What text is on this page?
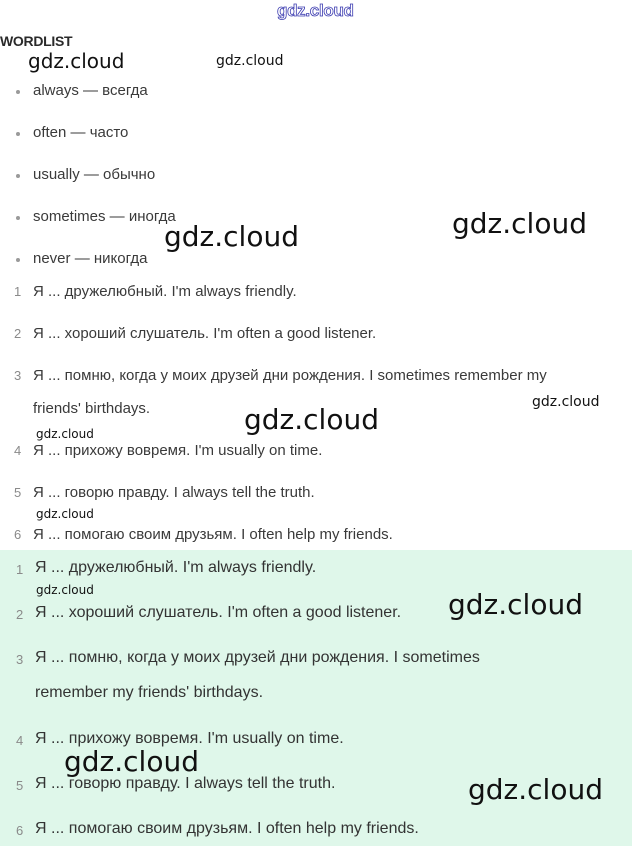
gdz.cloud
WORDLIST
always — всегда
often — часто
usually — обычно
sometimes — иногда
never — никогда
1 Я ... дружелюбный. I'm always friendly.
2 Я ... хороший слушатель. I'm often a good listener.
3 Я ... помню, когда у моих друзей дни рождения. I sometimes remember my
friends' birthdays.
4 Я ... прихожу вовремя. I'm usually on time.
5 Я ... говорю правду. I always tell the truth.
6 Я ... помогаю своим друзьям. I often help my friends.
1 Я ... дружелюбный. I'm always friendly.
2 Я ... хороший слушатель. I'm often a good listener.
3 Я ... помню, когда у моих друзей дни рождения. I sometimes
remember my friends' birthdays.
4 Я ... прихожу вовремя. I'm usually on time.
5 Я ... говорю правду. I always tell the truth.
6 Я ... помогаю своим друзьям. I often help my friends.
gdz.cloud	gdz.cloud
gdz.cloud
gdz.cloud
gdz.cloud
gdz.cloud
gdz.cloud
gdz.cloud
gdz.cloud	gdz.cloud
gdz.cloud
gdz.cloud
